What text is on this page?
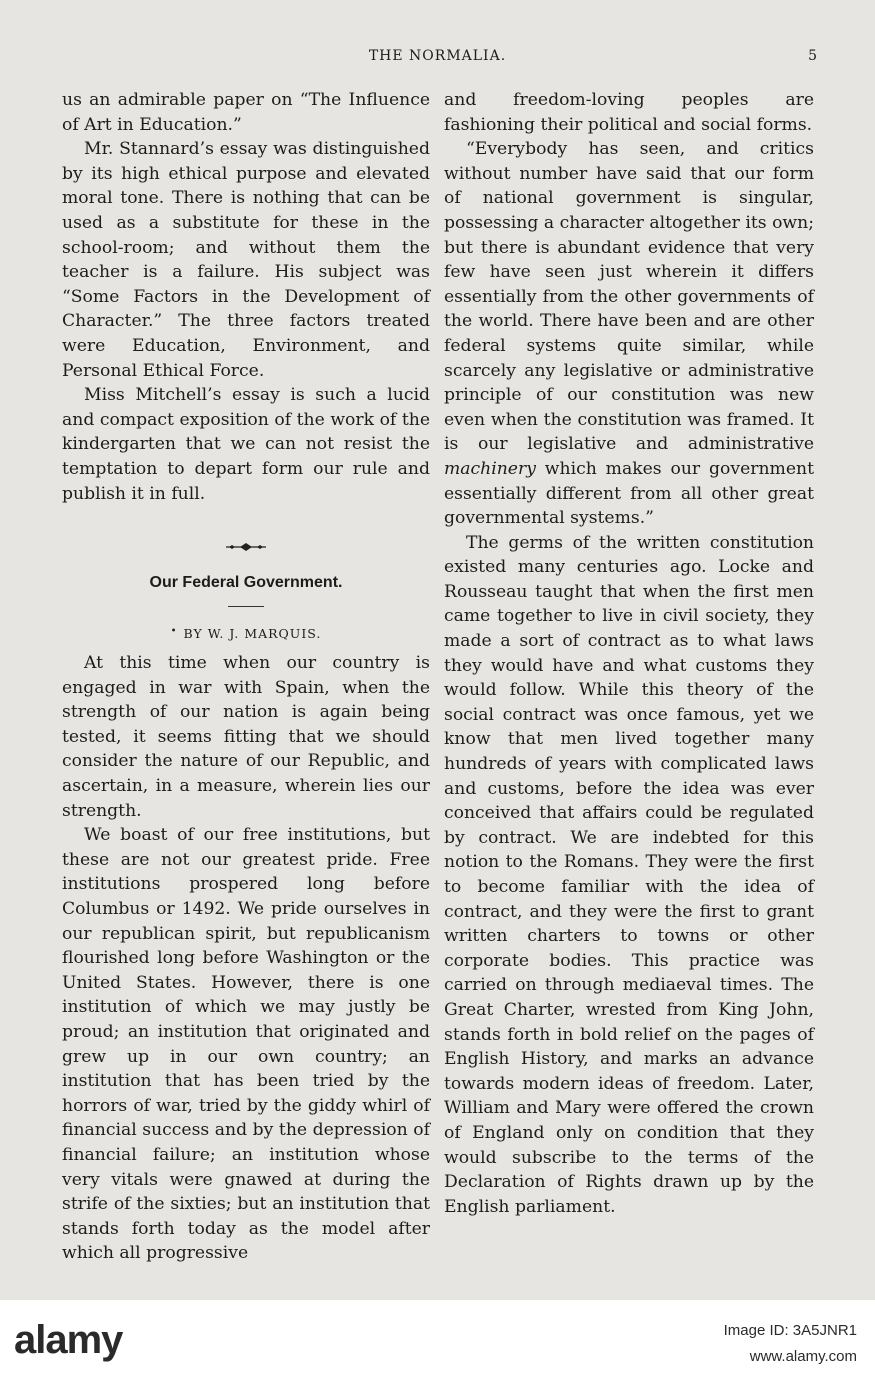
THE NORMALIA.	5

us an admirable paper on “The Influence of Art in Education.”

Mr. Stannard’s essay was distinguished by its high ethical purpose and elevated moral tone. There is nothing that can be used as a substitute for these in the school-room; and without them the teacher is a failure. His subject was “Some Factors in the Development of Character.” The three factors treated were Education, Environment, and Personal Ethical Force.

Miss Mitchell’s essay is such a lucid and compact exposition of the work of the kindergarten that we can not resist the temptation to depart form our rule and publish it in full.

Our Federal Government.
• BY W. J. MARQUIS.

At this time when our country is engaged in war with Spain, when the strength of our nation is again being tested, it seems fitting that we should consider the nature of our Republic, and ascertain, in a measure, wherein lies our strength.

We boast of our free institutions, but these are not our greatest pride. Free institutions prospered long before Columbus or 1492. We pride ourselves in our republican spirit, but republicanism flourished long before Washington or the United States. However, there is one institution of which we may justly be proud; an institution that originated and grew up in our own country; an institution that has been tried by the horrors of war, tried by the giddy whirl of financial success and by the depression of financial failure; an institution whose very vitals were gnawed at during the strife of the sixties; but an institution that stands forth today as the model after which all progressive

and freedom-loving peoples are fashioning their political and social forms.

“Everybody has seen, and critics without number have said that our form of national government is singular, possessing a character altogether its own; but there is abundant evidence that very few have seen just wherein it differs essentially from the other governments of the world. There have been and are other federal systems quite similar, while scarcely any legislative or administrative principle of our constitution was new even when the constitution was framed. It is our legislative and administrative machinery which makes our government essentially different from all other great governmental systems.”

The germs of the written constitution existed many centuries ago. Locke and Rousseau taught that when the first men came together to live in civil society, they made a sort of contract as to what laws they would have and what customs they would follow. While this theory of the social contract was once famous, yet we know that men lived together many hundreds of years with complicated laws and customs, before the idea was ever conceived that affairs could be regulated by contract. We are indebted for this notion to the Romans. They were the first to become familiar with the idea of contract, and they were the first to grant written charters to towns or other corporate bodies. This practice was carried on through mediaeval times. The Great Charter, wrested from King John, stands forth in bold relief on the pages of English History, and marks an advance towards modern ideas of freedom. Later, William and Mary were offered the crown of England only on condition that they would subscribe to the terms of the Declaration of Rights drawn up by the English parliament.

alamy	Image ID: 3A5JNR1
www.alamy.com
